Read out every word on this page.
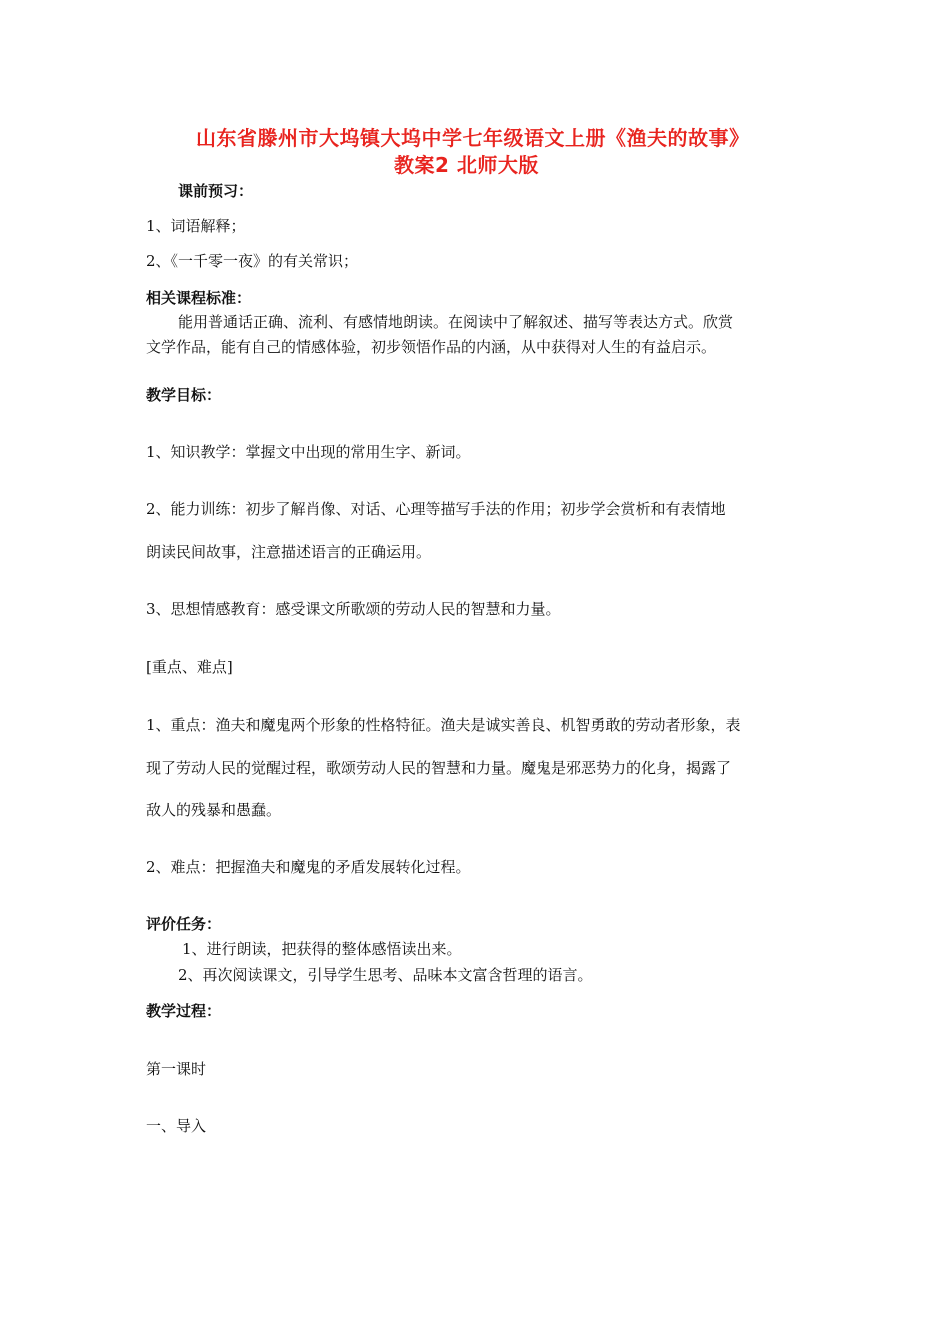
山东省滕州市大坞镇大坞中学七年级语文上册《渔夫的故事》
教案2 北师大版
课前预习：
1、词语解释；
2、《一千零一夜》的有关常识；
相关课程标准：
能用普通话正确、流利、有感情地朗读。在阅读中了解叙述、描写等表达方式。欣赏
文学作品，能有自己的情感体验，初步领悟作品的内涵，从中获得对人生的有益启示。
教学目标：
1、知识教学：掌握文中出现的常用生字、新词。
2、能力训练：初步了解肖像、对话、心理等描写手法的作用；初步学会赏析和有表情地
朗读民间故事，注意描述语言的正确运用。
3、思想情感教育：感受课文所歌颂的劳动人民的智慧和力量。
[重点、难点]
1、重点：渔夫和魔鬼两个形象的性格特征。渔夫是诚实善良、机智勇敢的劳动者形象，表
现了劳动人民的觉醒过程，歌颂劳动人民的智慧和力量。魔鬼是邪恶势力的化身，揭露了
敌人的残暴和愚蠢。
2、难点：把握渔夫和魔鬼的矛盾发展转化过程。
评价任务：
1、进行朗读，把获得的整体感悟读出来。
2、再次阅读课文，引导学生思考、品味本文富含哲理的语言。
教学过程：
第一课时
一、导入
